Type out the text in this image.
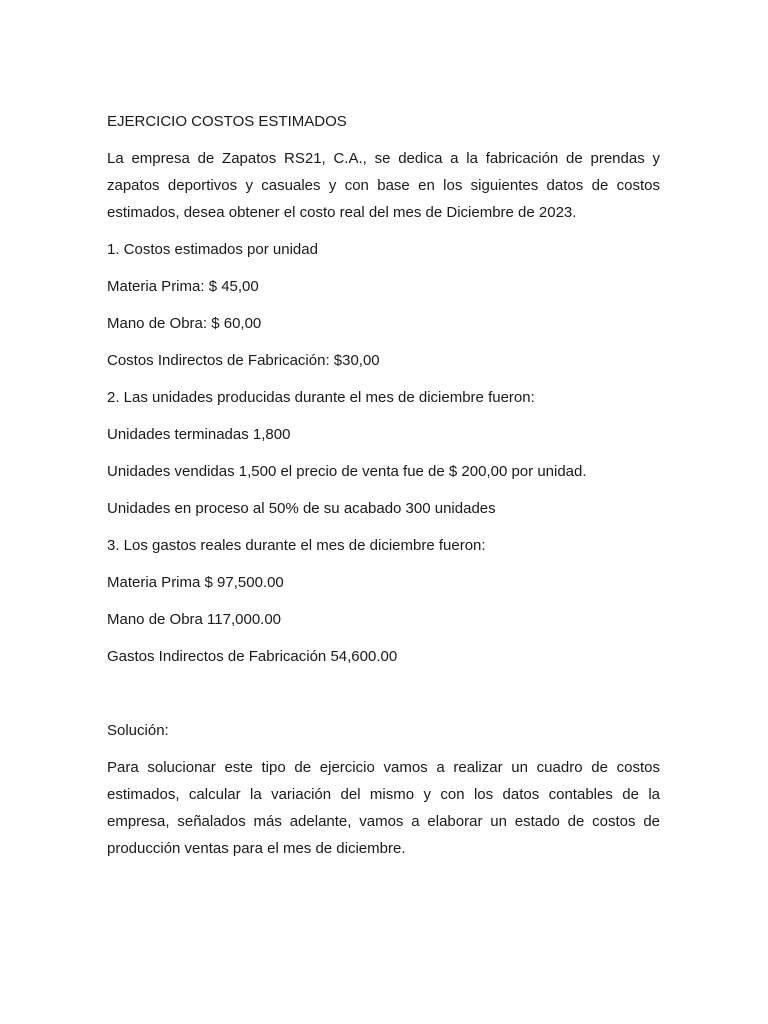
EJERCICIO COSTOS ESTIMADOS

La empresa de Zapatos RS21, C.A., se dedica a la fabricación de prendas y zapatos deportivos y casuales y con base en los siguientes datos de costos estimados, desea obtener el costo real del mes de Diciembre de 2023.

1. Costos estimados por unidad

Materia Prima: $ 45,00

Mano de Obra: $ 60,00

Costos Indirectos de Fabricación: $30,00

2. Las unidades producidas durante el mes de diciembre fueron:

Unidades terminadas 1,800

Unidades vendidas 1,500 el precio de venta fue de $ 200,00 por unidad.

Unidades en proceso al 50% de su acabado 300 unidades

3. Los gastos reales durante el mes de diciembre fueron:

Materia Prima $ 97,500.00

Mano de Obra 117,000.00

Gastos Indirectos de Fabricación 54,600.00

Solución:

Para solucionar este tipo de ejercicio vamos a realizar un cuadro de costos estimados, calcular la variación del mismo y con los datos contables de la empresa, señalados más adelante, vamos a elaborar un estado de costos de producción ventas para el mes de diciembre.
